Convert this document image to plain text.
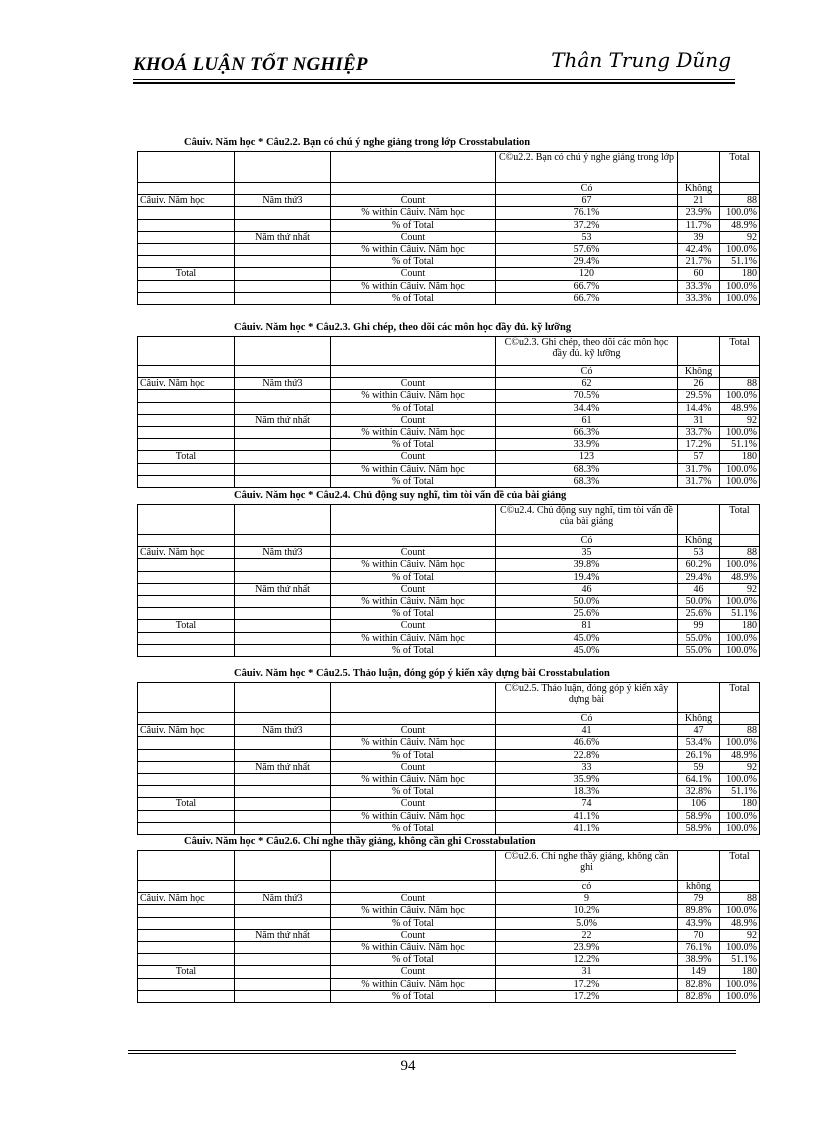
KHOÁ LUẬN TỐT NGHIỆP	Thân Trung Dũng
Câuiv. Năm học * Câu2.2. Bạn có chú ý nghe giảng trong lớp Crosstabulation
			C©u2.2. Bạn có chú ý nghe giảng trong lớp		Total
			Có	Không	
Câuiv. Năm học	Năm thứ3	Count	67	21	88
		% within Câuiv. Năm học	76.1%	23.9%	100.0%
		% of Total	37.2%	11.7%	48.9%
	Năm thứ nhất	Count	53	39	92
		% within Câuiv. Năm học	57.6%	42.4%	100.0%
		% of Total	29.4%	21.7%	51.1%
Total		Count	120	60	180
		% within Câuiv. Năm học	66.7%	33.3%	100.0%
		% of Total	66.7%	33.3%	100.0%
Câuiv. Năm học * Câu2.3. Ghi chép, theo dõi các môn học đầy đủ. kỹ lưỡng
			C©u2.3. Ghi chép, theo dõi các môn học đầy đủ. kỹ lưỡng		Total
			Có	Không	
Câuiv. Năm học	Năm thứ3	Count	62	26	88
		% within Câuiv. Năm học	70.5%	29.5%	100.0%
		% of Total	34.4%	14.4%	48.9%
	Năm thứ nhất	Count	61	31	92
		% within Câuiv. Năm học	66.3%	33.7%	100.0%
		% of Total	33.9%	17.2%	51.1%
Total		Count	123	57	180
		% within Câuiv. Năm học	68.3%	31.7%	100.0%
		% of Total	68.3%	31.7%	100.0%
Câuiv. Năm học * Câu2.4. Chủ động suy nghĩ, tìm tòi vấn đề của bài giảng
			C©u2.4. Chủ động suy nghĩ, tìm tòi vấn đề của bài giảng		Total
			Có	Không	
Câuiv. Năm học	Năm thứ3	Count	35	53	88
		% within Câuiv. Năm học	39.8%	60.2%	100.0%
		% of Total	19.4%	29.4%	48.9%
	Năm thứ nhất	Count	46	46	92
		% within Câuiv. Năm học	50.0%	50.0%	100.0%
		% of Total	25.6%	25.6%	51.1%
Total		Count	81	99	180
		% within Câuiv. Năm học	45.0%	55.0%	100.0%
		% of Total	45.0%	55.0%	100.0%
Câuiv. Năm học * Câu2.5. Thảo luận, đóng góp ý kiến xây dựng bài Crosstabulation
			C©u2.5. Thảo luận, đóng góp ý kiến xây dựng bài		Total
			Có	Không	
Câuiv. Năm học	Năm thứ3	Count	41	47	88
		% within Câuiv. Năm học	46.6%	53.4%	100.0%
		% of Total	22.8%	26.1%	48.9%
	Năm thứ nhất	Count	33	59	92
		% within Câuiv. Năm học	35.9%	64.1%	100.0%
		% of Total	18.3%	32.8%	51.1%
Total		Count	74	106	180
		% within Câuiv. Năm học	41.1%	58.9%	100.0%
		% of Total	41.1%	58.9%	100.0%
Câuiv. Năm học * Câu2.6. Chỉ nghe thầy giảng, không cần ghi Crosstabulation
			C©u2.6. Chỉ nghe thầy giảng, không cần ghi		Total
			có	không	
Câuiv. Năm học	Năm thứ3	Count	9	79	88
		% within Câuiv. Năm học	10.2%	89.8%	100.0%
		% of Total	5.0%	43.9%	48.9%
	Năm thứ nhất	Count	22	70	92
		% within Câuiv. Năm học	23.9%	76.1%	100.0%
		% of Total	12.2%	38.9%	51.1%
Total		Count	31	149	180
		% within Câuiv. Năm học	17.2%	82.8%	100.0%
		% of Total	17.2%	82.8%	100.0%
94
